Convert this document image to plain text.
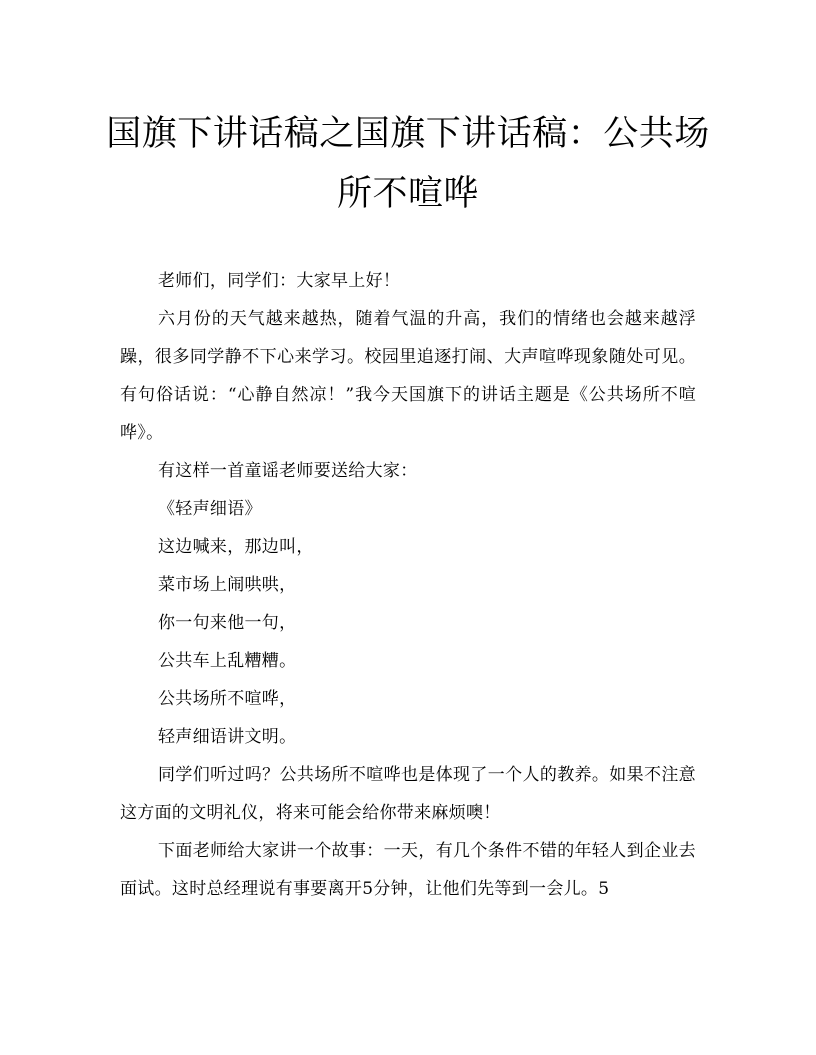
国旗下讲话稿之国旗下讲话稿：公共场所不喧哗

老师们，同学们：大家早上好！

六月份的天气越来越热，随着气温的升高，我们的情绪也会越来越浮躁，很多同学静不下心来学习。校园里追逐打闹、大声喧哗现象随处可见。有句俗话说：“心静自然凉！”我今天国旗下的讲话主题是《公共场所不喧哗》。

有这样一首童谣老师要送给大家：

《轻声细语》

这边喊来，那边叫，

菜市场上闹哄哄，

你一句来他一句，

公共车上乱糟糟。

公共场所不喧哗，

轻声细语讲文明。

同学们听过吗？公共场所不喧哗也是体现了一个人的教养。如果不注意这方面的文明礼仪，将来可能会给你带来麻烦噢！

下面老师给大家讲一个故事：一天，有几个条件不错的年轻人到企业去面试。这时总经理说有事要离开5分钟，让他们先等到一会儿。5
